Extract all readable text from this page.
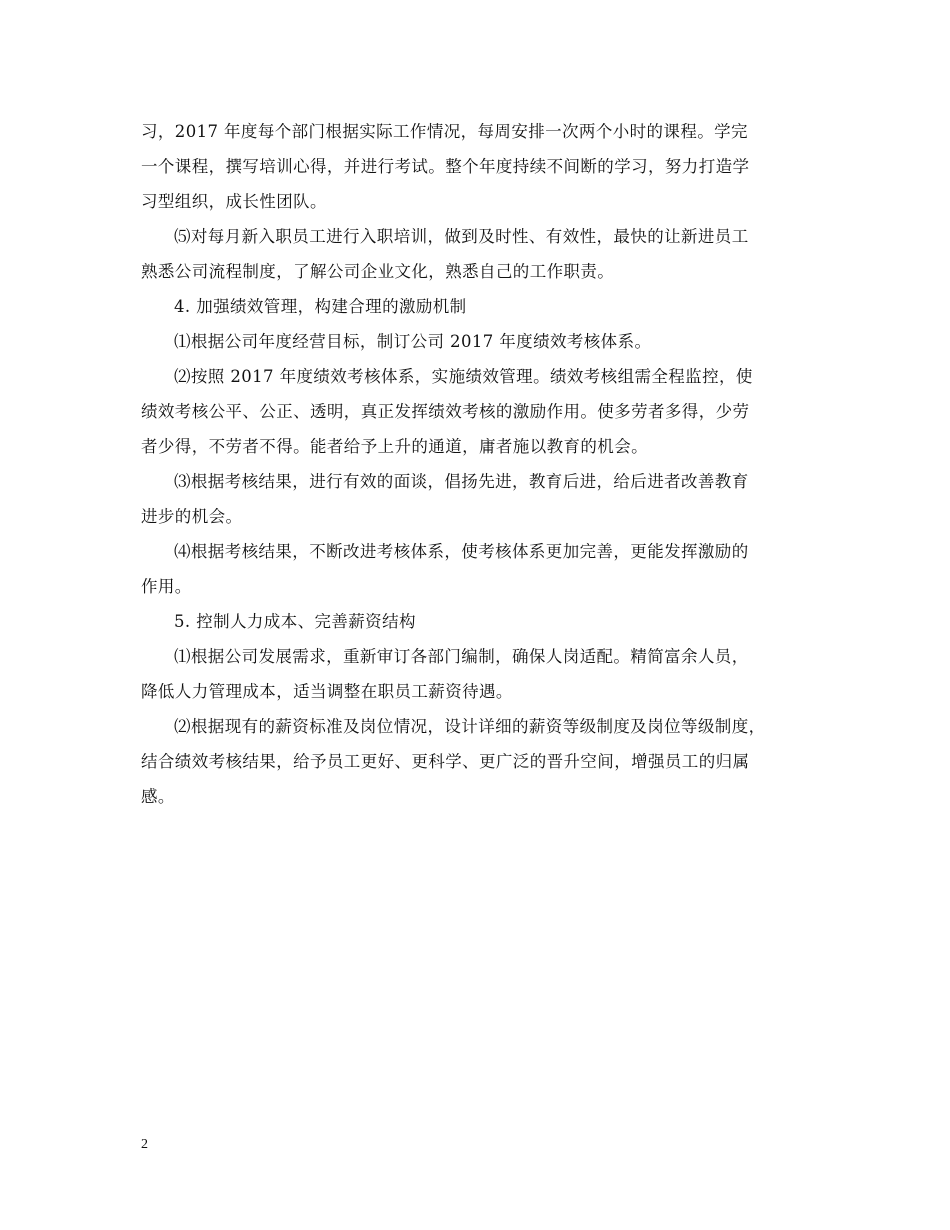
习，2017 年度每个部门根据实际工作情况，每周安排一次两个小时的课程。学完
一个课程，撰写培训心得，并进行考试。整个年度持续不间断的学习，努力打造学
习型组织，成长性团队。
⑸对每月新入职员工进行入职培训，做到及时性、有效性，最快的让新进员工
熟悉公司流程制度，了解公司企业文化，熟悉自己的工作职责。
4. 加强绩效管理，构建合理的激励机制
⑴根据公司年度经营目标，制订公司 2017 年度绩效考核体系。
⑵按照 2017 年度绩效考核体系，实施绩效管理。绩效考核组需全程监控，使
绩效考核公平、公正、透明，真正发挥绩效考核的激励作用。使多劳者多得，少劳
者少得，不劳者不得。能者给予上升的通道，庸者施以教育的机会。
⑶根据考核结果，进行有效的面谈，倡扬先进，教育后进，给后进者改善教育
进步的机会。
⑷根据考核结果，不断改进考核体系，使考核体系更加完善，更能发挥激励的
作用。
5. 控制人力成本、完善薪资结构
⑴根据公司发展需求，重新审订各部门编制，确保人岗适配。精简富余人员，
降低人力管理成本，适当调整在职员工薪资待遇。
⑵根据现有的薪资标准及岗位情况，设计详细的薪资等级制度及岗位等级制度，
结合绩效考核结果，给予员工更好、更科学、更广泛的晋升空间，增强员工的归属
感。
2
